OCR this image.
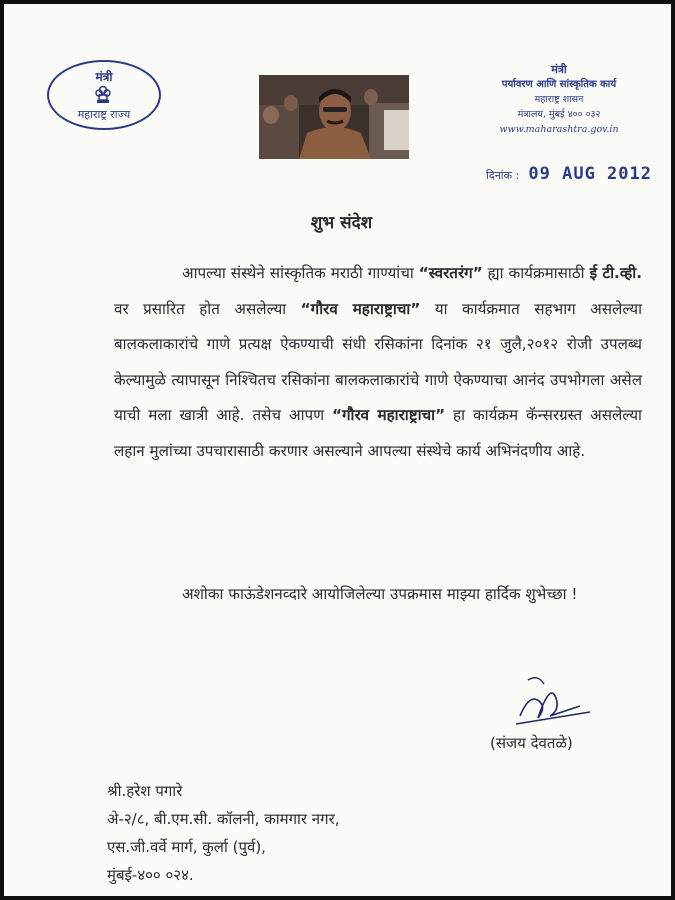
मंत्री
महाराष्ट्र राज्य
मंत्री
पर्यावरण आणि सांस्कृतिक कार्य
महाराष्ट्र शासन
मंत्रालय, मुंबई ४०० ०३२
www.maharashtra.gov.in
दिनांक : 09 AUG 2012
शुभ संदेश
आपल्या संस्थेने सांस्कृतिक मराठी गाण्यांचा “स्वरतरंग” ह्या कार्यक्रमासाठी ई टी.व्ही. वर प्रसारित होत असलेल्या “गौरव महाराष्ट्राचा” या कार्यक्रमात सहभाग असलेल्या बालकलाकारांचे गाणे प्रत्यक्ष ऐकण्याची संधी रसिकांना दिनांक २१ जुलै,२०१२ रोजी उपलब्ध केल्यामुळे त्यापासून निश्चितच रसिकांना बालकलाकारांचे गाणे ऐकण्याचा आनंद उपभोगला असेल याची मला खात्री आहे. तसेच आपण “गौरव महाराष्ट्राचा” हा कार्यक्रम कॅन्सरग्रस्त असलेल्या लहान मुलांच्या उपचारासाठी करणार असल्याने आपल्या संस्थेचे कार्य अभिनंदणीय आहे.
अशोका फाऊंडेशनव्दारे आयोजिलेल्या उपक्रमास माझ्या हार्दिक शुभेच्छा !
(संजय देवतळे)
श्री.हरेश पगारे
अे-२/८, बी.एम.सी. कॉलनी, कामगार नगर,
एस.जी.वर्वे मार्ग, कुर्ला (पुर्व),
मुंबई-४०० ०२४.
